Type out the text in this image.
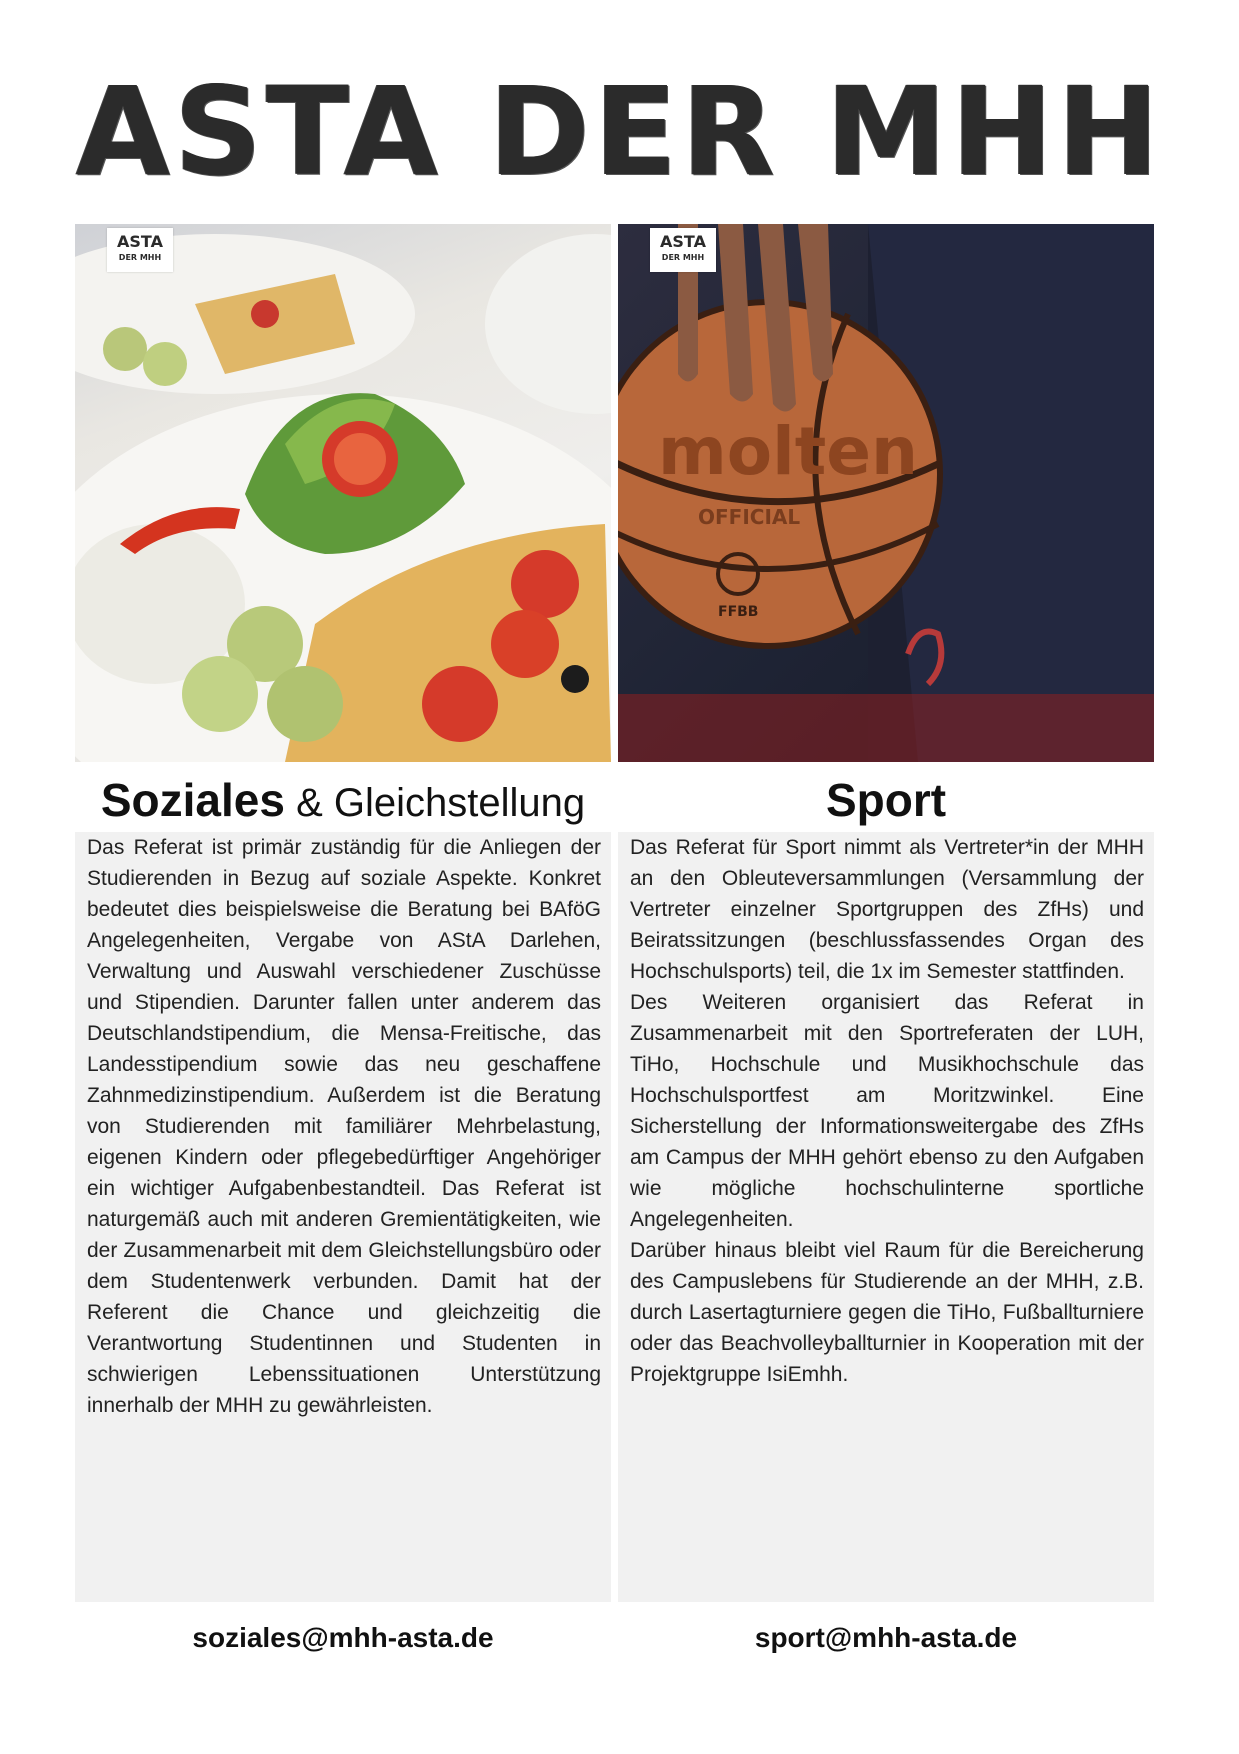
ASTA DER MHH
ASTA
DER MHH
molten
OFFICIAL
FFBB
ASTA
DER MHH
Soziales & Gleichstellung	Sport

Das Referat ist primär zuständig für die Anliegen der Studierenden in Bezug auf soziale Aspekte. Konkret bedeutet dies beispielsweise die Beratung bei BAföG Angelegenheiten, Vergabe von AStA Darlehen, Verwaltung und Auswahl verschiedener Zuschüsse und Stipendien. Darunter fallen unter anderem das Deutschlandstipendium, die Mensa-Freitische, das Landesstipendium sowie das neu geschaffene Zahnmedizinstipendium. Außerdem ist die Beratung von Studierenden mit familiärer Mehrbelastung, eigenen Kindern oder pflegebedürftiger Angehöriger ein wichtiger Aufgabenbestandteil. Das Referat ist naturgemäß auch mit anderen Gremientätigkeiten, wie der Zusammenarbeit mit dem Gleichstellungsbüro oder dem Studentenwerk verbunden. Damit hat der Referent die Chance und gleichzeitig die Verantwortung Studentinnen und Studenten in schwierigen Lebenssituationen Unterstützung innerhalb der MHH zu gewährleisten.

Das Referat für Sport nimmt als Vertreter*in der MHH an den Obleuteversammlungen (Versammlung der Vertreter einzelner Sportgruppen des ZfHs) und Beiratssitzungen (beschlussfassendes Organ des Hochschulsports) teil, die 1x im Semester stattfinden.

Des Weiteren organisiert das Referat in Zusammenarbeit mit den Sportreferaten der LUH, TiHo, Hochschule und Musikhochschule das Hochschulsportfest am Moritzwinkel. Eine Sicherstellung der Informationsweitergabe des ZfHs am Campus der MHH gehört ebenso zu den Aufgaben wie mögliche hochschulinterne sportliche Angelegenheiten.

Darüber hinaus bleibt viel Raum für die Bereicherung des Campuslebens für Studierende an der MHH, z.B. durch Lasertagturniere gegen die TiHo, Fußballturniere oder das Beachvolleyballturnier in Kooperation mit der Projektgruppe IsiEmhh.

soziales@mhh-asta.de	sport@mhh-asta.de
